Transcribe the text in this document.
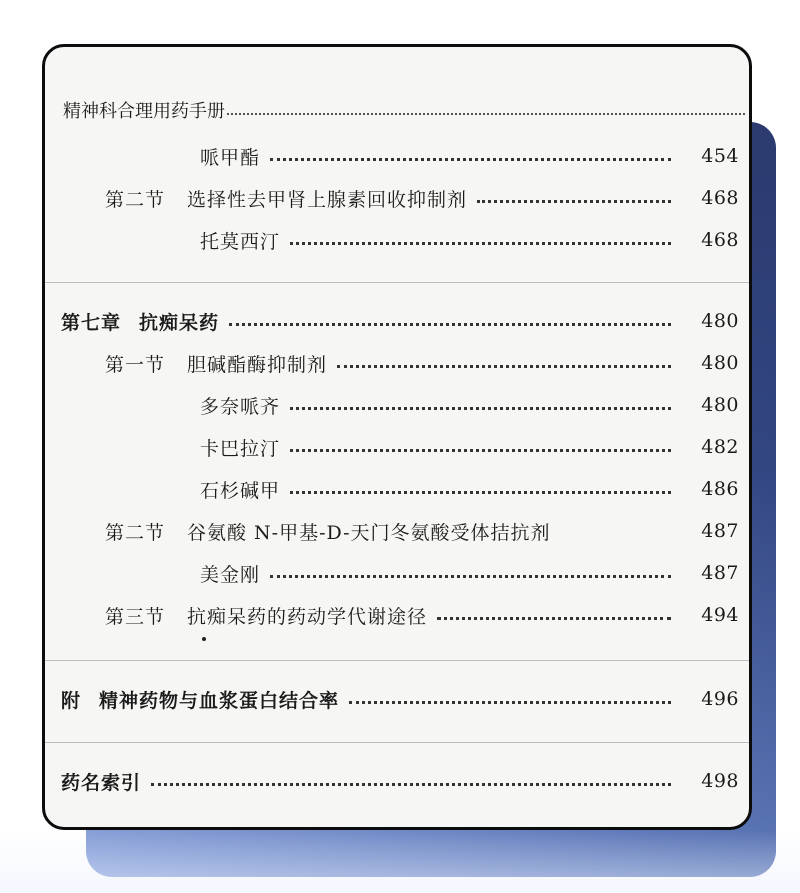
精神科合理用药手册
哌甲酯	454
第二节 选择性去甲肾上腺素回收抑制剂	468
托莫西汀	468
第七章 抗痴呆药	480
第一节 胆碱酯酶抑制剂	480
多奈哌齐	480
卡巴拉汀	482
石杉碱甲	486
第二节 谷氨酸 N-甲基-D-天门冬氨酸受体拮抗剂	487
美金刚	487
第三节 抗痴呆药的药动学代谢途径	494
附 精神药物与血浆蛋白结合率	496
药名索引	498
